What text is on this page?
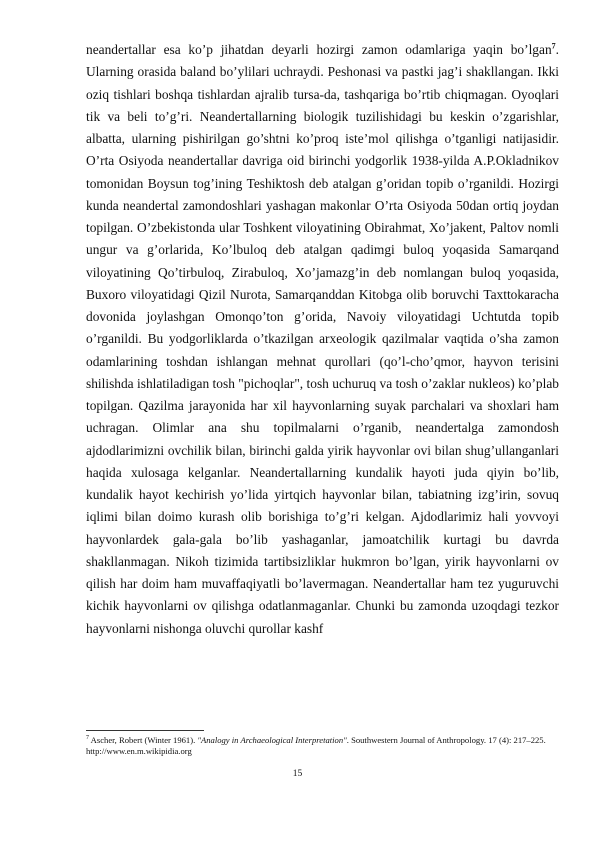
neandertallar esa ko’p jihatdan deyarli hozirgi zamon odamlariga yaqin bo’lgan$^7$. Ularning orasida baland bo’ylilari uchraydi. Peshonasi va pastki jag’i shakllangan. Ikki oziq tishlari boshqa tishlardan ajralib tursa-da, tashqariga bo’rtib chiqmagan. Oyoqlari tik va beli to’g’ri. Neandertallarning biologik tuzilishidagi bu keskin o’zgarishlar, albatta, ularning pishirilgan go’shtni ko’proq iste’mol qilishga o’tganligi natijasidir. O’rta Osiyoda neandertallar davriga oid birinchi yodgorlik 1938-yilda A.P.Okladnikov tomonidan Boysun tog’ining Teshiktosh deb atalgan g’oridan topib o’rganildi. Hozirgi kunda neandertal zamondoshlari yashagan makonlar O’rta Osiyoda 50dan ortiq joydan topilgan. O’zbekistonda ular Toshkent viloyatining Obirahmat, Xo’jakent, Paltov nomli ungur va g’orlarida, Ko’lbuloq deb atalgan qadimgi buloq yoqasida Samarqand viloyatining Qo’tirbuloq, Zirabuloq, Xo’jamazg’in deb nomlangan buloq yoqasida, Buxoro viloyatidagi Qizil Nurota, Samarqanddan Kitobga olib boruvchi Taxttokaracha dovonida joylashgan Omonqo’ton g’orida, Navoiy viloyatidagi Uchtutda topib o’rganildi. Bu yodgorliklarda o’tkazilgan arxeologik qazilmalar vaqtida o’sha zamon odamlarining toshdan ishlangan mehnat qurollari (qo’l-cho’qmor, hayvon terisini shilishda ishlatiladigan tosh "pichoqlar", tosh uchuruq va tosh o’zaklar nukleos) ko’plab topilgan. Qazilma jarayonida har xil hayvonlarning suyak parchalari va shoxlari ham uchragan. Olimlar ana shu topilmalarni o’rganib, neandertalga zamondosh ajdodlarimizni ovchilik bilan, birinchi galda yirik hayvonlar ovi bilan shug’ullanganlari haqida xulosaga kelganlar. Neandertallarning kundalik hayoti juda qiyin bo’lib, kundalik hayot kechirish yo’lida yirtqich hayvonlar bilan, tabiatning izg’irin, sovuq iqlimi bilan doimo kurash olib borishiga to’g’ri kelgan. Ajdodlarimiz hali yovvoyi hayvonlardek gala-gala bo’lib yashaganlar, jamoatchilik kurtagi bu davrda shakllanmagan. Nikoh tizimida tartibsizliklar hukmron bo’lgan, yirik hayvonlarni ov qilish har doim ham muvaffaqiyatli bo’lavermagan. Neandertallar ham tez yuguruvchi kichik hayvonlarni ov qilishga odatlanmaganlar. Chunki bu zamonda uzoqdagi tezkor hayvonlarni nishonga oluvchi qurollar kashf

$^7$ Ascher, Robert (Winter 1961). "Analogy in Archaeological Interpretation". Southwestern Journal of Anthropology. 17 (4): 217–225.
http://www.en.m.wikipidia.org
15
